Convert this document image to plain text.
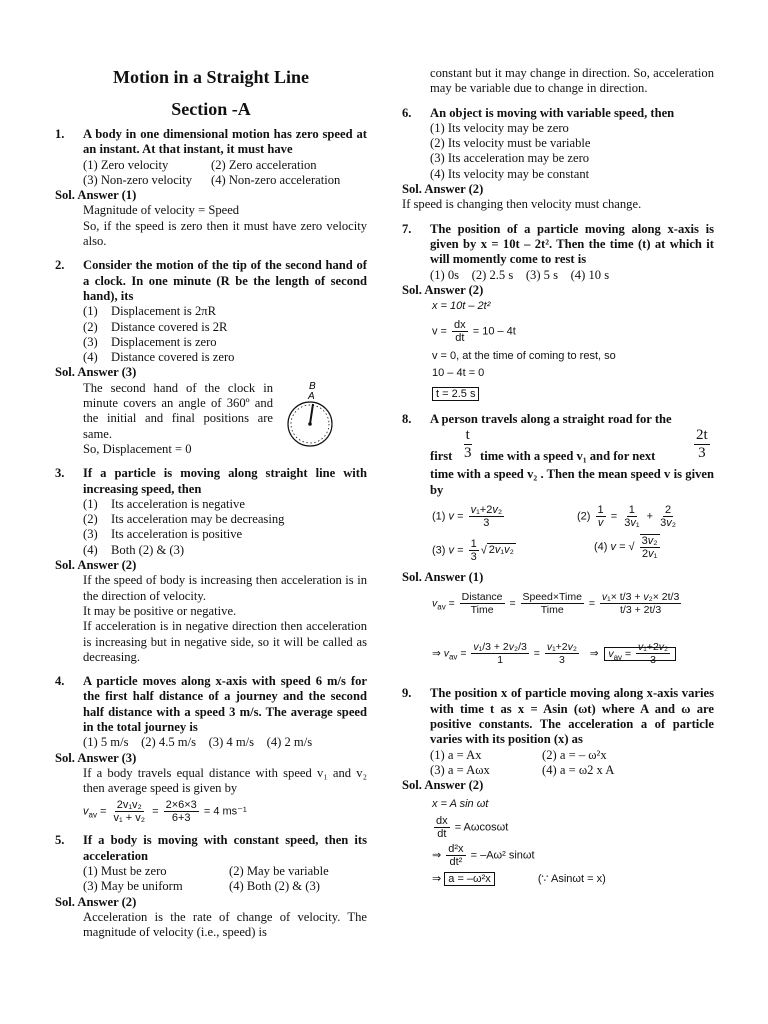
Motion in a Straight Line
Section -A
1. A body in one dimensional motion has zero speed at an instant. At that instant, it must have
(1) Zero velocity	(2) Zero acceleration
(3) Non-zero velocity	(4) Non-zero acceleration
Sol. Answer (1)
Magnitude of velocity = Speed
So, if the speed is zero then it must have zero velocity also.
2. Consider the motion of the tip of the second hand of a clock. In one minute (R be the length of second hand), its
(1) Displacement is 2πR
(2) Distance covered is 2R
(3) Displacement is zero
(4) Distance covered is zero
Sol. Answer (3)
The second hand of the clock in minute covers an angle of 360º and the initial and final positions are same.
So, Displacement = 0
B
A
3. If a particle is moving along straight line with increasing speed, then
(1) Its acceleration is negative
(2) Its acceleration may be decreasing
(3) Its acceleration is positive
(4) Both (2) & (3)
Sol. Answer (2)
If the speed of body is increasing then acceleration is in the direction of velocity.
It may be positive or negative.
If acceleration is in negative direction then acceleration is increasing but in negative side, so it will be called as decreasing.
4. A particle moves along x-axis with speed 6 m/s for the first half distance of a journey and the second half distance with a speed 3 m/s. The average speed in the total journey is
(1) 5 m/s    (2) 4.5 m/s    (3) 4 m/s    (4) 2 m/s
Sol. Answer (3)
If a body travels equal distance with speed v₁ and v₂ then average speed is given by
$v_{av} = \frac{\text{2v₁v₂}}{\text{v₁ + v₂}} = \frac{2\times 6\times 3}{6+3} = 4$ ms⁻¹
5. If a body is moving with constant speed, then its acceleration
(1) Must be zero	(2) May be variable
(3) May be uniform	(4) Both (2) & (3)
Sol. Answer (2)
Acceleration is the rate of change of velocity. The magnitude of velocity (i.e., speed) is
constant but it may change in direction. So, acceleration may be variable due to change in direction.
6. An object is moving with variable speed, then
(1) Its velocity may be zero
(2) Its velocity must be variable
(3) Its acceleration may be zero
(4) Its velocity may be constant
Sol. Answer (2)
If speed is changing then velocity must change.
7. The position of a particle moving along x-axis is given by x = 10t – 2t². Then the time (t) at which it will momently come to rest is
(1) 0s    (2) 2.5 s    (3) 5 s    (4) 10 s
Sol. Answer (2)
x = 10t – 2t²
$v = \frac{dx}{dt} = 10 - 4t$
v = 0, at the time of coming to rest, so
10 – 4t = 0
t = 2.5 s
8. A person travels along a straight road for the
first $\frac{t}{3}$ time with a speed v₁ and for next	$\frac{2t}{3}$
time with a speed v₂ . Then the mean speed v is given by
(1) $v = \frac{\text{v₁+2v₂}}{3}$	$(2) \frac{1}{v} = \frac{1}{\text{3v₁}} + \frac{2}{\text{3v₂}}$
(3) $v = \frac{1}{3}$ √ 2v₁v₂	(4) v = √ $\frac{\text{3v₂}}{\text{2v₁}}$
Sol. Answer (1)
$v_{av} = \frac{\text{Distance}}{\text{Time}} = \frac{\text{Speed×Time}}{\text{Time}} = \frac{\text{v₁× t/3 + v₂× 2t/3}}{t/3 + 2t/3}$
⇒ $v_{av} = \frac{\text{v₁/3 + 2v₂/3}}{1} = \frac{\text{v₁+2v₂}}{3}$ ⇒ $v_{av} = \frac{\text{v₁+2v₂}}{3}$
9. The position x of particle moving along x-axis varies with time t as x = Asin (ωt) where A and ω are positive constants. The acceleration a of particle varies with its position (x) as
(1) a = Ax	(2) a = – ω²x
(3) a = Aωx	(4) a = ω2 x A
Sol. Answer (2)
x = A sin ωt
$\frac{dx}{dt} = A\omega\cos\omega t$
⇒ $\frac{\text{d²x}}{\text{dt²}} = -A\omega^2$ sinωt
⇒ a = –ω²x	(∵ Asinωt = x)
